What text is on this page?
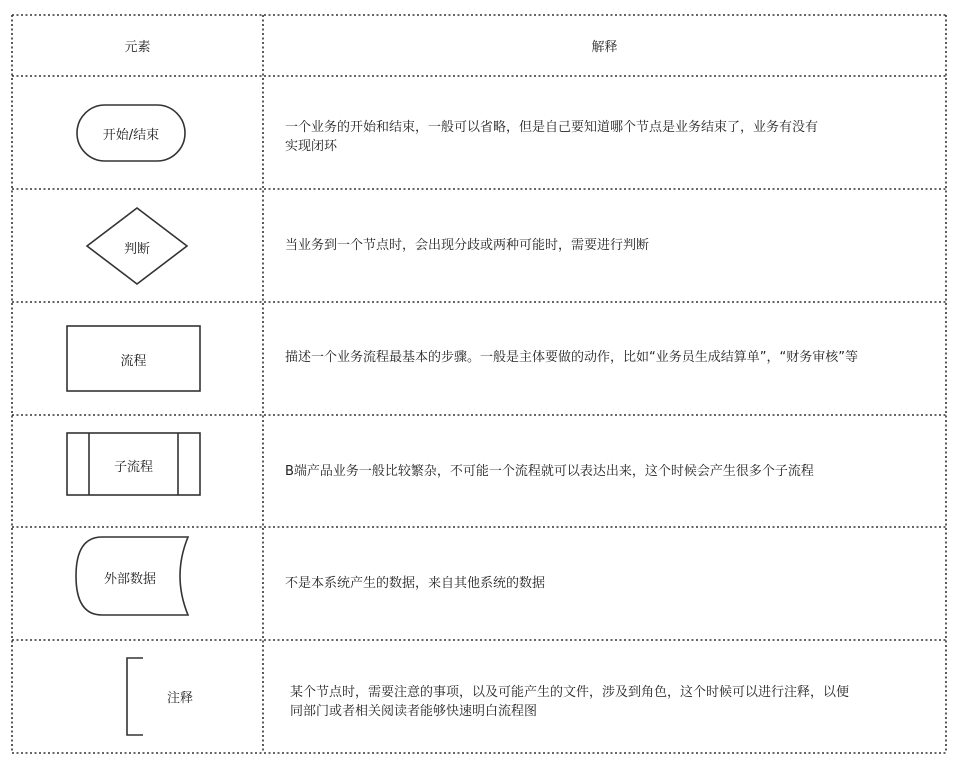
元素	解释
开始/结束
判断
流程
子流程
外部数据
注释
一个业务的开始和结束，一般可以省略，但是自己要知道哪个节点是业务结束了，业务有没有
实现闭环
当业务到一个节点时，会出现分歧或两种可能时，需要进行判断
描述一个业务流程最基本的步骤。一般是主体要做的动作，比如“业务员生成结算单”，“财务审核”等
B端产品业务一般比较繁杂，不可能一个流程就可以表达出来，这个时候会产生很多个子流程
不是本系统产生的数据，来自其他系统的数据
某个节点时，需要注意的事项，以及可能产生的文件，涉及到角色，这个时候可以进行注释，以便
同部门或者相关阅读者能够快速明白流程图
